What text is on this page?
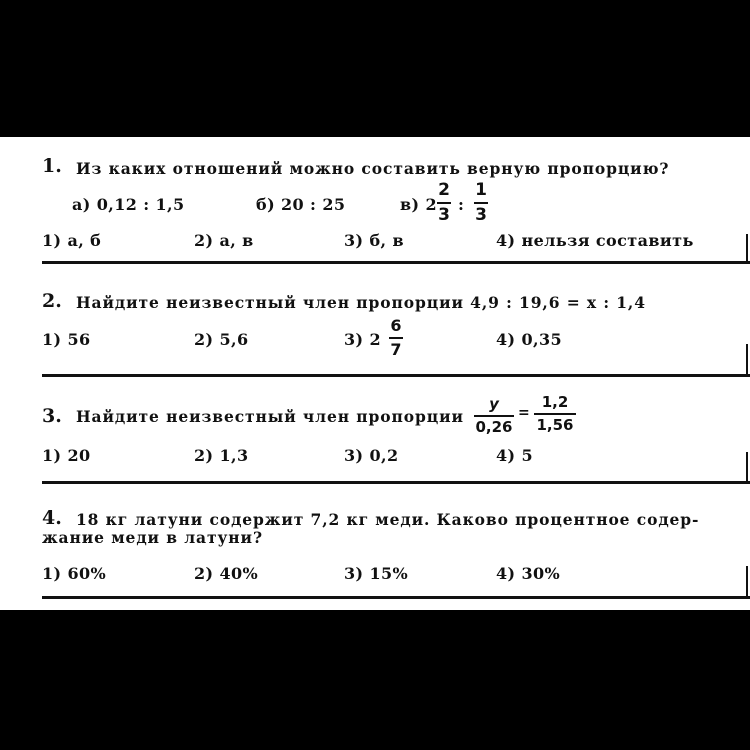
1. Из каких отношений можно составить верную пропорцию?
а) 0,12 : 1,5	б) 20 : 25	в) 2
2
3
:
1
3
1) а, б	2) а, в	3) б, в	4) нельзя составить
2. Найдите неизвестный член пропорции 4,9 : 19,6 = x : 1,4
1) 56	2) 5,6	3) 2
6
7
4) 0,35
3. Найдите неизвестный член пропорции
y
0,26
=
1,2
1,56
1) 20	2) 1,3	3) 0,2	4) 5
4. 18 кг латуни содержит 7,2 кг меди. Каково процентное содер-
жание меди в латуни?
1) 60%	2) 40%	3) 15%	4) 30%
